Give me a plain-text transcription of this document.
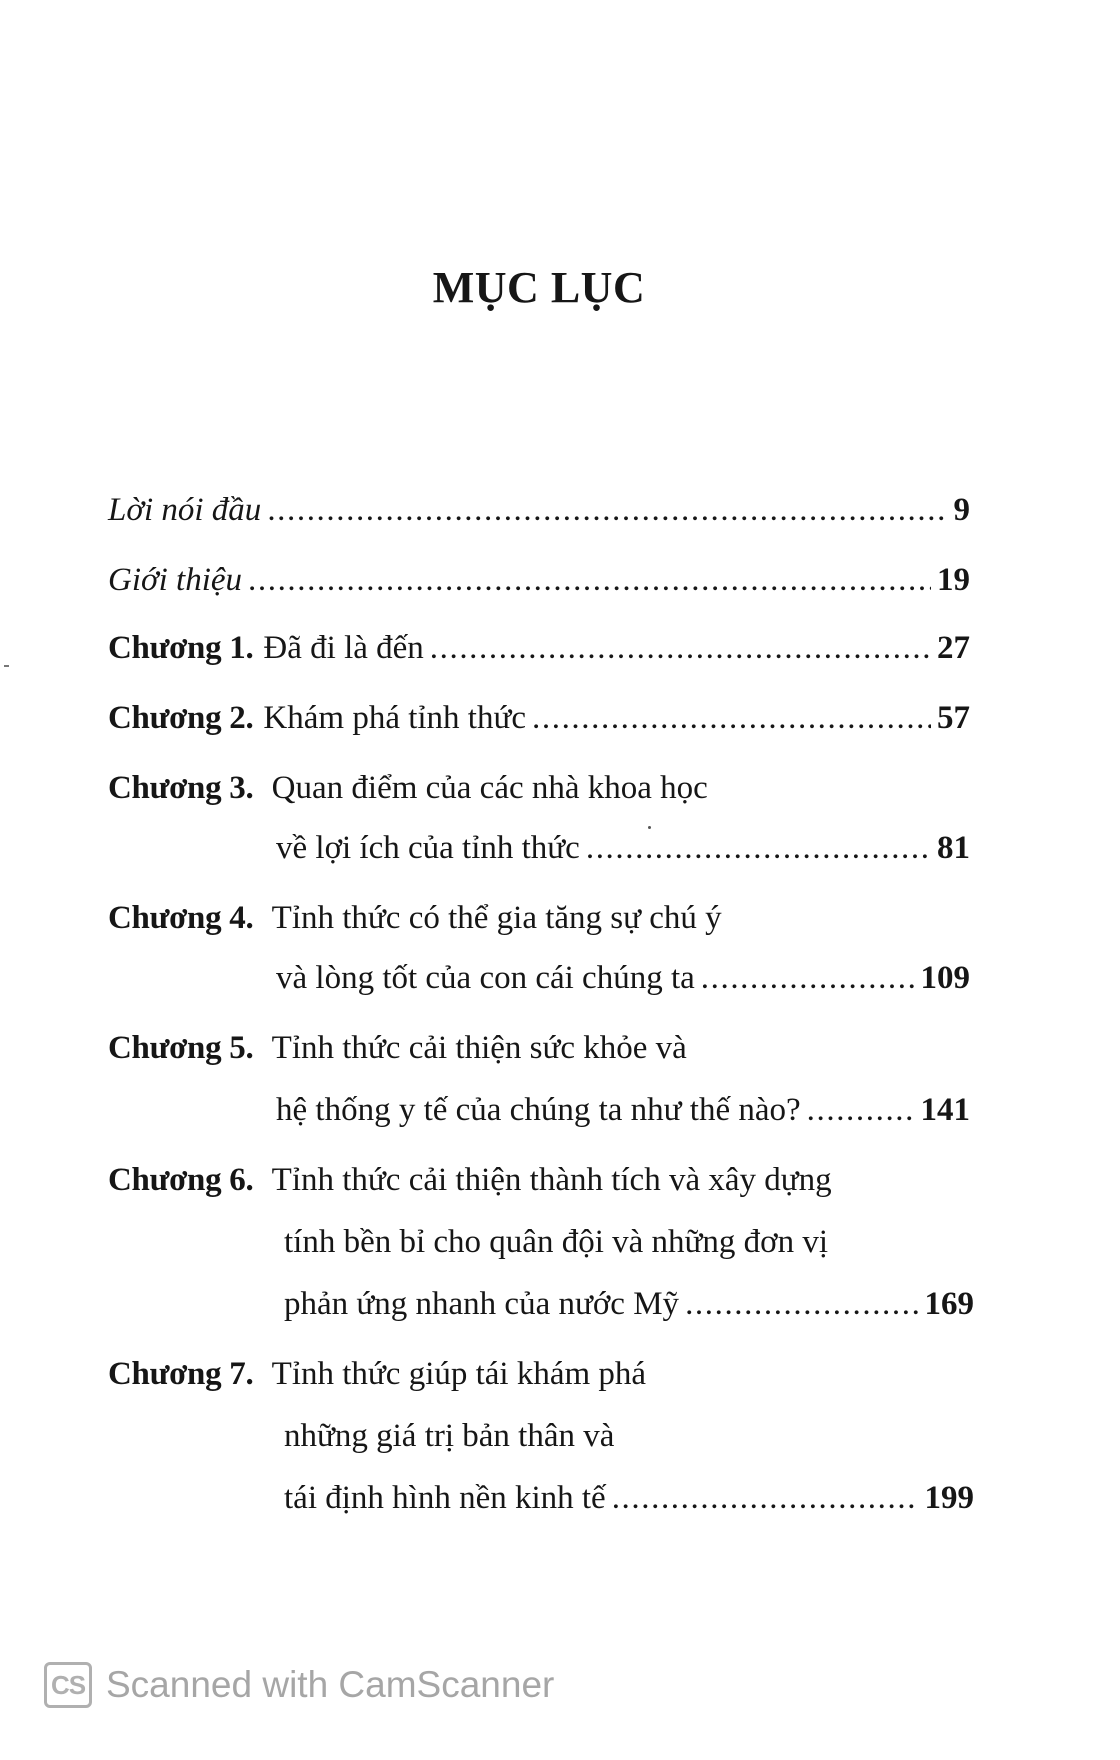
MỤC LỤC
Lời nói đầu .....	9
Giới thiệu .....	19
Chương 1. Đã đi là đến .....	27
Chương 2. Khám phá tỉnh thức .....	57
Chương 3. Quan điểm của các nhà khoa học
về lợi ích của tỉnh thức .....	81
Chương 4. Tỉnh thức có thể gia tăng sự chú ý
và lòng tốt của con cái chúng ta .....	109
Chương 5. Tỉnh thức cải thiện sức khỏe và
hệ thống y tế của chúng ta như thế nào? .....	141
Chương 6. Tỉnh thức cải thiện thành tích và xây dựng
tính bền bỉ cho quân đội và những đơn vị
phản ứng nhanh của nước Mỹ .....	169
Chương 7. Tỉnh thức giúp tái khám phá
những giá trị bản thân và
tái định hình nền kinh tế .....	199
CS Scanned with CamScanner
